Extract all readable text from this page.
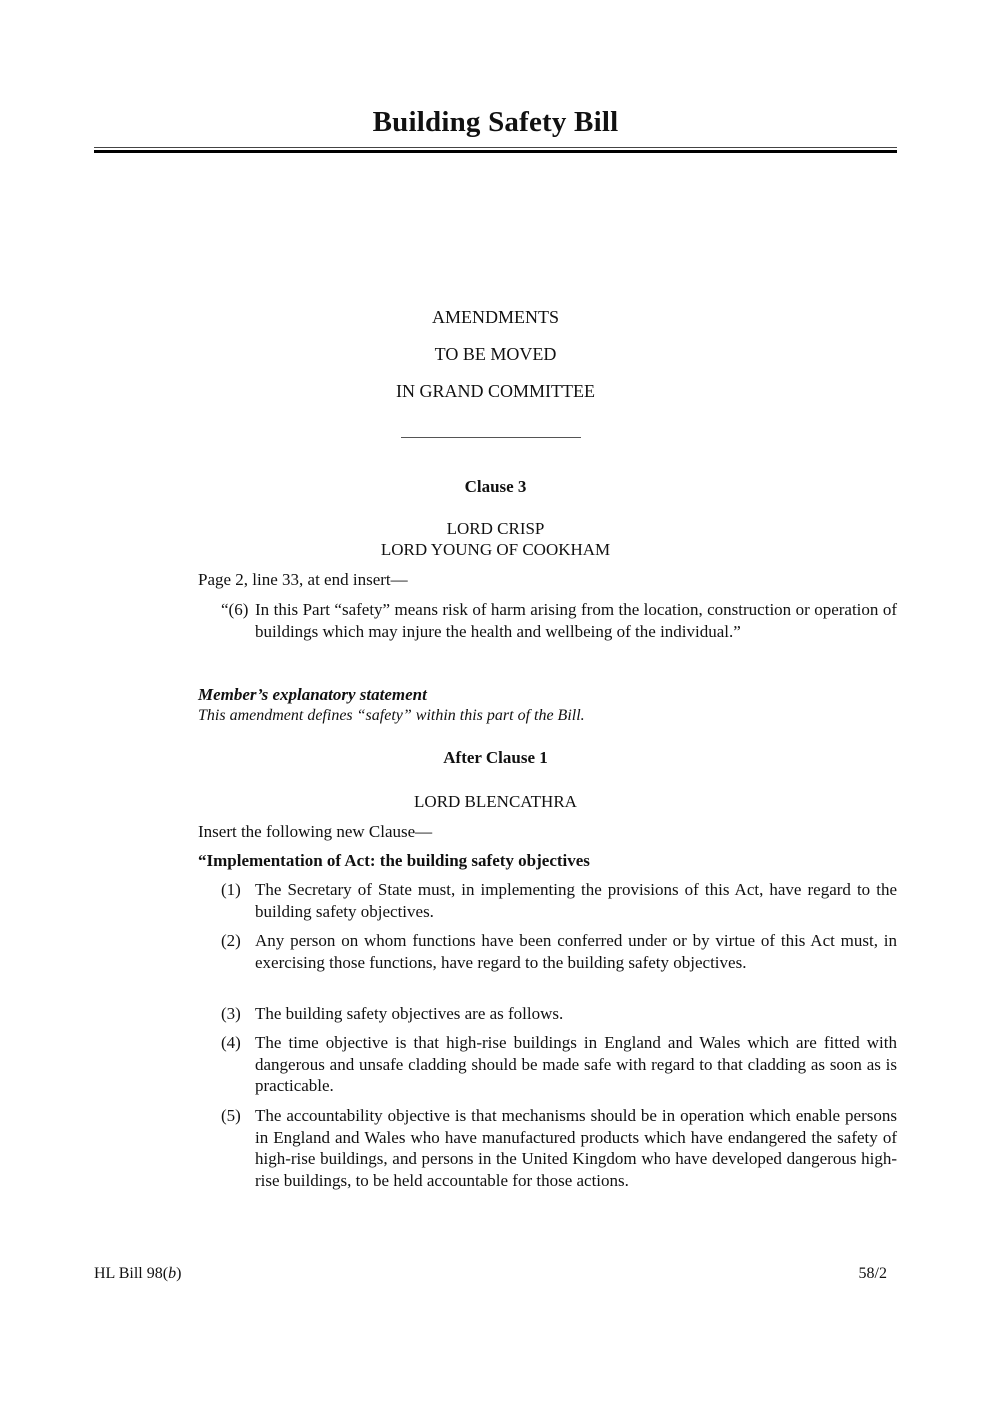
Building Safety Bill
AMENDMENTS
TO BE MOVED
IN GRAND COMMITTEE
Clause 3
LORD CRISP
LORD YOUNG OF COOKHAM
Page 2, line 33, at end insert—
“(6) In this Part “safety” means risk of harm arising from the location, construction or operation of buildings which may injure the health and wellbeing of the individual.”
Member’s explanatory statement
This amendment defines “safety” within this part of the Bill.
After Clause 1
LORD BLENCATHRA
Insert the following new Clause—
“Implementation of Act: the building safety objectives
(1) The Secretary of State must, in implementing the provisions of this Act, have regard to the building safety objectives.
(2) Any person on whom functions have been conferred under or by virtue of this Act must, in exercising those functions, have regard to the building safety objectives.
(3) The building safety objectives are as follows.
(4) The time objective is that high-rise buildings in England and Wales which are fitted with dangerous and unsafe cladding should be made safe with regard to that cladding as soon as is practicable.
(5) The accountability objective is that mechanisms should be in operation which enable persons in England and Wales who have manufactured products which have endangered the safety of high-rise buildings, and persons in the United Kingdom who have developed dangerous high-rise buildings, to be held accountable for those actions.
HL Bill 98(b)	58/2
